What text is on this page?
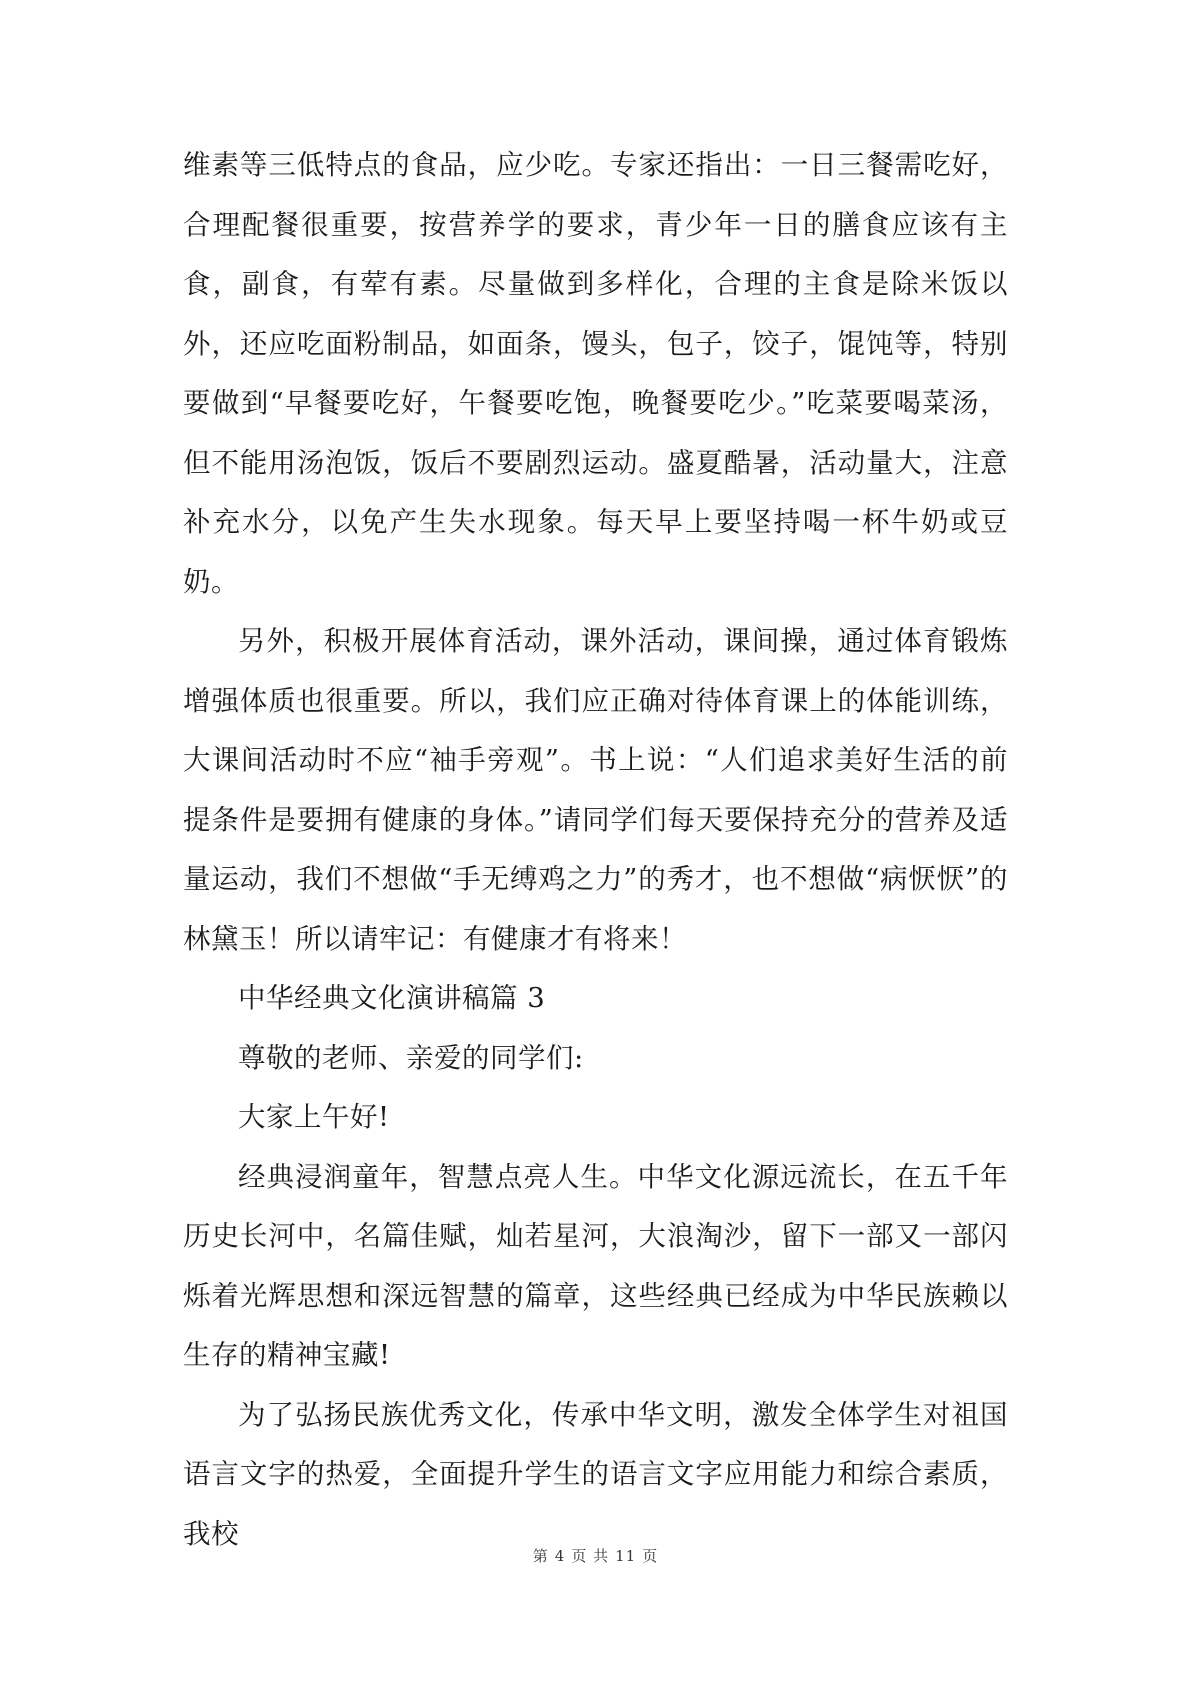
维素等三低特点的食品，应少吃。专家还指出：一日三餐需吃好，合理配餐很重要，按营养学的要求，青少年一日的膳食应该有主食，副食，有荤有素。尽量做到多样化，合理的主食是除米饭以外，还应吃面粉制品，如面条，馒头，包子，饺子，馄饨等，特别要做到“早餐要吃好，午餐要吃饱，晚餐要吃少。”吃菜要喝菜汤，但不能用汤泡饭，饭后不要剧烈运动。盛夏酷暑，活动量大，注意补充水分，以免产生失水现象。每天早上要坚持喝一杯牛奶或豆奶。

另外，积极开展体育活动，课外活动，课间操，通过体育锻炼增强体质也很重要。所以，我们应正确对待体育课上的体能训练，大课间活动时不应“袖手旁观”。书上说：“人们追求美好生活的前提条件是要拥有健康的身体。”请同学们每天要保持充分的营养及适量运动，我们不想做“手无缚鸡之力”的秀才，也不想做“病恹恹”的林黛玉！所以请牢记：有健康才有将来！

中华经典文化演讲稿篇 3

尊敬的老师、亲爱的同学们:

大家上午好!

经典浸润童年，智慧点亮人生。中华文化源远流长，在五千年历史长河中，名篇佳赋，灿若星河，大浪淘沙，留下一部又一部闪烁着光辉思想和深远智慧的篇章，这些经典已经成为中华民族赖以生存的精神宝藏!

为了弘扬民族优秀文化，传承中华文明，激发全体学生对祖国语言文字的热爱，全面提升学生的语言文字应用能力和综合素质，我校

第 4 页 共 11 页
